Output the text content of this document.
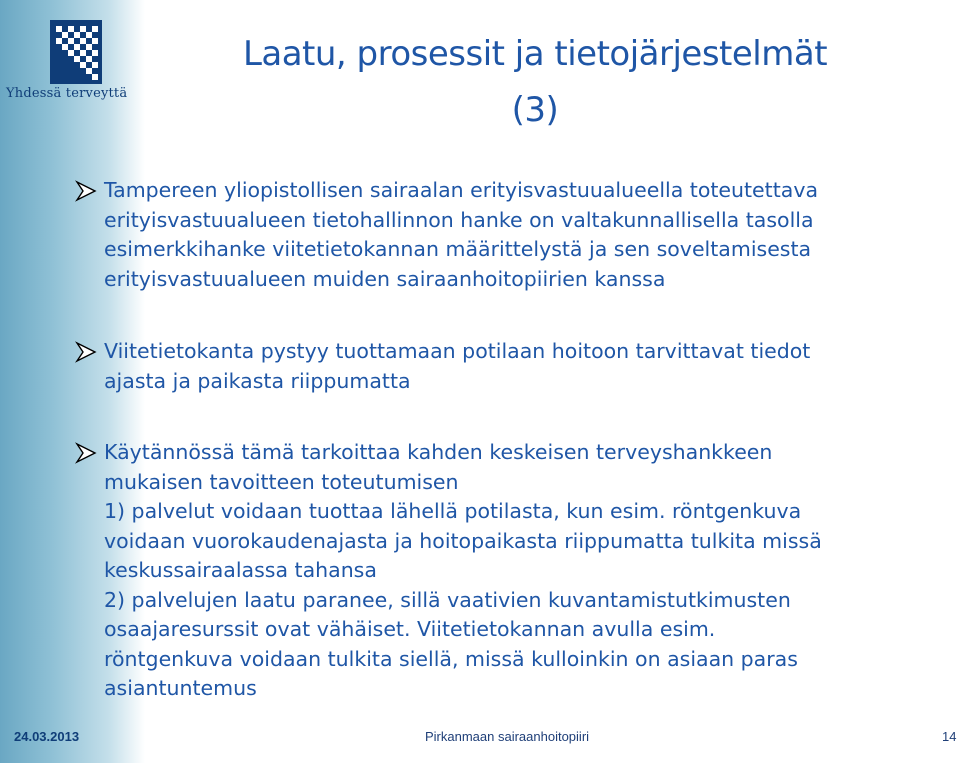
Yhdessä terveyttä
Laatu, prosessit ja tietojärjestelmät
(3)

Tampereen yliopistollisen sairaalan erityisvastuualueella toteutettava

erityisvastuualueen tietohallinnon hanke on valtakunnallisella tasolla

esimerkkihanke viitetietokannan määrittelystä ja sen soveltamisesta

erityisvastuualueen muiden sairaanhoitopiirien kanssa

Viitetietokanta pystyy tuottamaan potilaan hoitoon tarvittavat tiedot

ajasta ja paikasta riippumatta

Käytännössä tämä tarkoittaa kahden keskeisen terveyshankkeen

mukaisen tavoitteen toteutumisen

1) palvelut voidaan tuottaa lähellä potilasta, kun esim. röntgenkuva

voidaan vuorokaudenajasta ja hoitopaikasta riippumatta tulkita missä

keskussairaalassa tahansa

2) palvelujen laatu paranee, sillä vaativien kuvantamistutkimusten

osaajaresurssit ovat vähäiset. Viitetietokannan avulla esim.

röntgenkuva voidaan tulkita siellä, missä kulloinkin on asiaan paras

asiantuntemus

24.03.2013	Pirkanmaan sairaanhoitopiiri	14
